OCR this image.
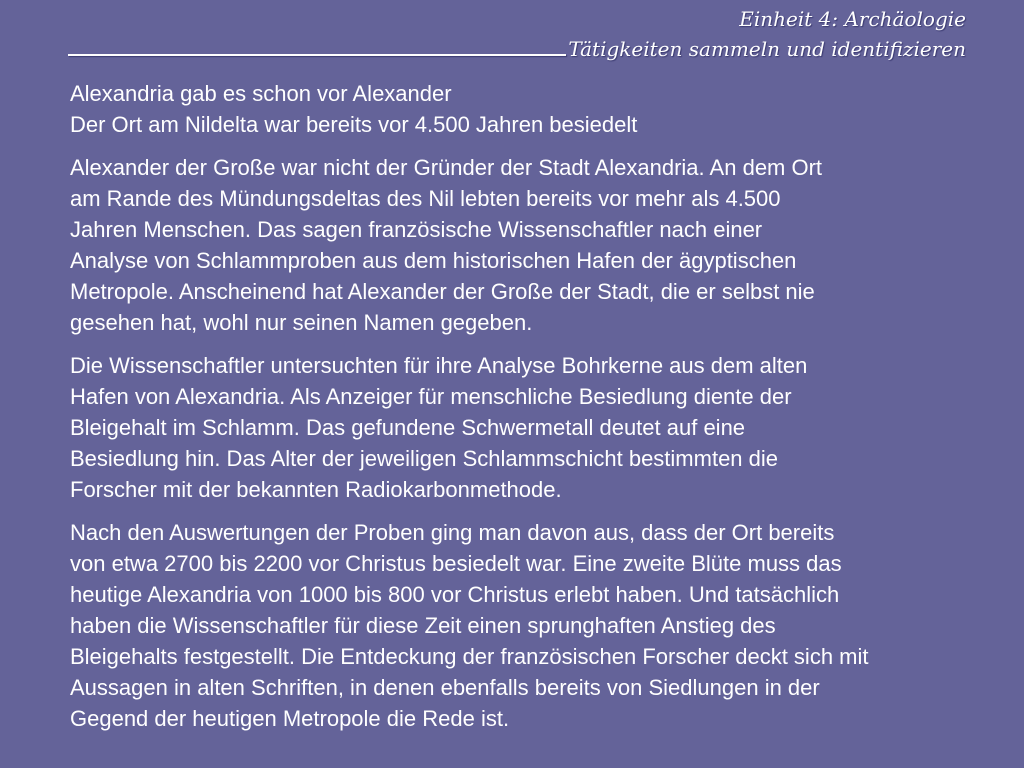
Einheit 4: Archäologie
Tätigkeiten sammeln und identifizieren
Alexandria gab es schon vor Alexander
Der Ort am Nildelta war bereits vor 4.500 Jahren besiedelt
Alexander der Große war nicht der Gründer der Stadt Alexandria. An dem Ort
am Rande des Mündungsdeltas des Nil lebten bereits vor mehr als 4.500
Jahren Menschen. Das sagen französische Wissenschaftler nach einer
Analyse von Schlammproben aus dem historischen Hafen der ägyptischen
Metropole. Anscheinend hat Alexander der Große der Stadt, die er selbst nie
gesehen hat, wohl nur seinen Namen gegeben.
Die Wissenschaftler untersuchten für ihre Analyse Bohrkerne aus dem alten
Hafen von Alexandria. Als Anzeiger für menschliche Besiedlung diente der
Bleigehalt im Schlamm. Das gefundene Schwermetall deutet auf eine
Besiedlung hin. Das Alter der jeweiligen Schlammschicht bestimmten die
Forscher mit der bekannten Radiokarbonmethode.
Nach den Auswertungen der Proben ging man davon aus, dass der Ort bereits
von etwa 2700 bis 2200 vor Christus besiedelt war. Eine zweite Blüte muss das
heutige Alexandria von 1000 bis 800 vor Christus erlebt haben. Und tatsächlich
haben die Wissenschaftler für diese Zeit einen sprunghaften Anstieg des
Bleigehalts festgestellt. Die Entdeckung der französischen Forscher deckt sich mit
Aussagen in alten Schriften, in denen ebenfalls bereits von Siedlungen in der
Gegend der heutigen Metropole die Rede ist.
